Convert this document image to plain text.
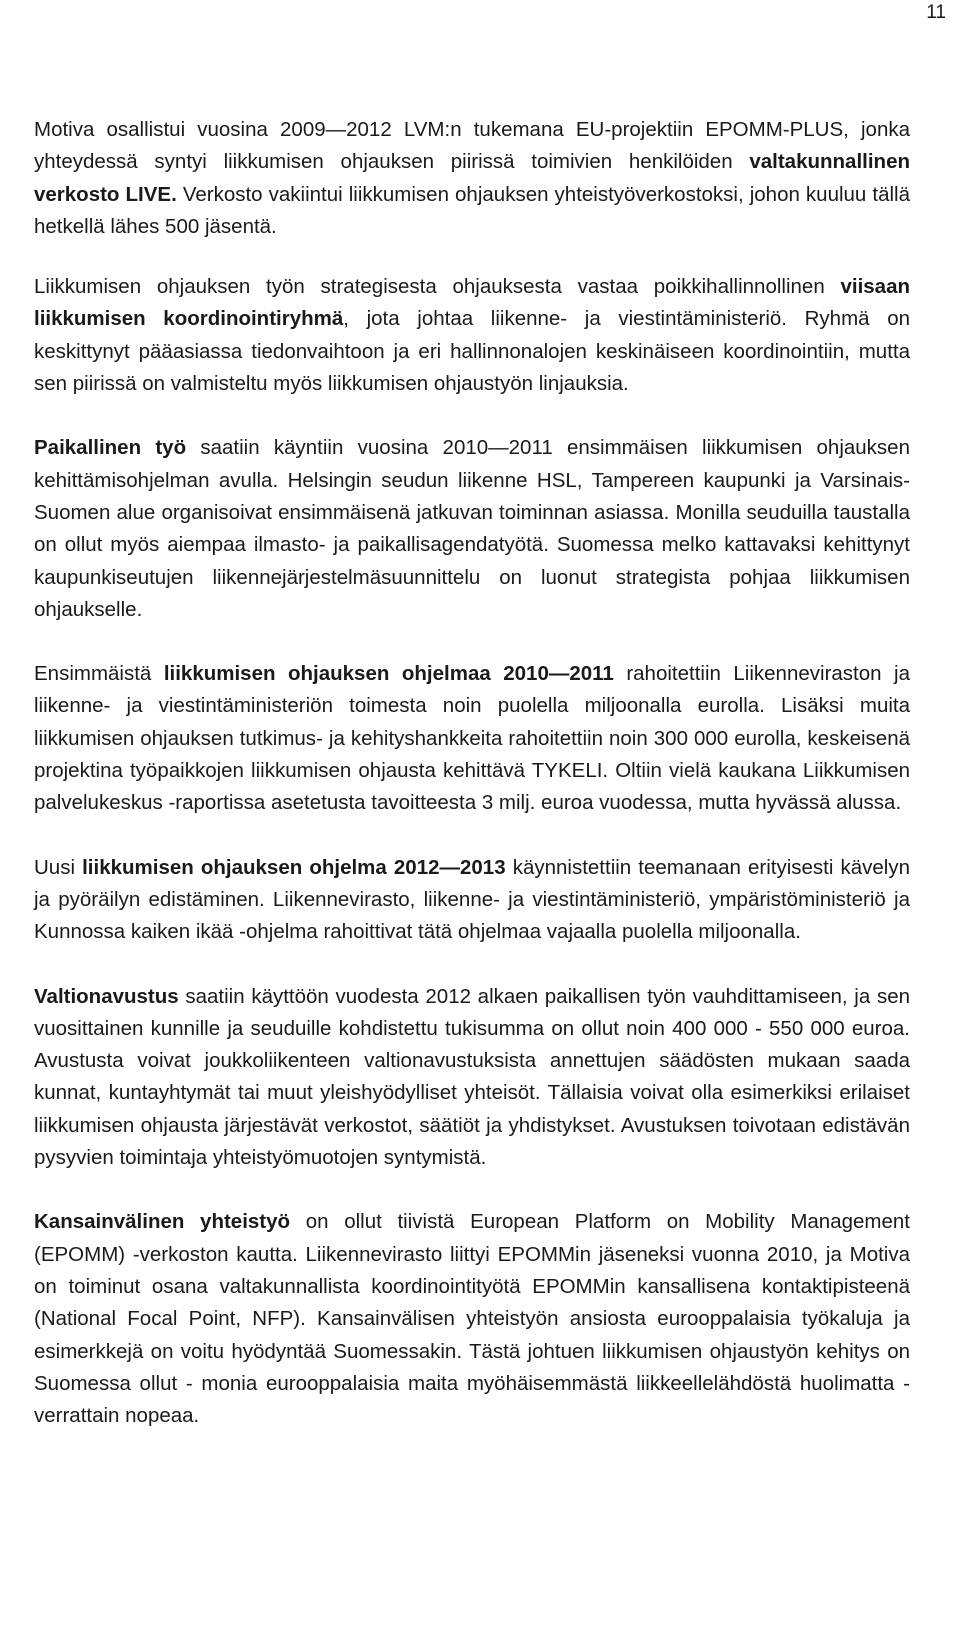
11

Motiva osallistui vuosina 2009—2012 LVM:n tukemana EU-projektiin EPOMM-PLUS, jonka yhteydessä syntyi liikkumisen ohjauksen piirissä toimivien henkilöiden valtakunnallinen verkosto LIVE. Verkosto vakiintui liikkumisen ohjauksen yhteistyöverkostoksi, johon kuuluu tällä hetkellä lähes 500 jäsentä.

Liikkumisen ohjauksen työn strategisesta ohjauksesta vastaa poikkihallinnollinen viisaan liikkumisen koordinointiryhmä, jota johtaa liikenne- ja viestintäministeriö. Ryhmä on keskittynyt pääasiassa tiedonvaihtoon ja eri hallinnonalojen keskinäiseen koordinointiin, mutta sen piirissä on valmisteltu myös liikkumisen ohjaustyön linjauksia.

Paikallinen työ saatiin käyntiin vuosina 2010—2011 ensimmäisen liikkumisen ohjauksen kehittämisohjelman avulla. Helsingin seudun liikenne HSL, Tampereen kaupunki ja Varsinais-Suomen alue organisoivat ensimmäisenä jatkuvan toiminnan asiassa. Monilla seuduilla taustalla on ollut myös aiempaa ilmasto- ja paikallisagendatyötä. Suomessa melko kattavaksi kehittynyt kaupunkiseutujen liikennejärjestelmäsuunnittelu on luonut strategista pohjaa liikkumisen ohjaukselle.

Ensimmäistä liikkumisen ohjauksen ohjelmaa 2010—2011 rahoitettiin Liikenneviraston ja liikenne- ja viestintäministeriön toimesta noin puolella miljoonalla eurolla. Lisäksi muita liikkumisen ohjauksen tutkimus- ja kehityshankkeita rahoitettiin noin 300 000 eurolla, keskeisenä projektina työpaikkojen liikkumisen ohjausta kehittävä TYKELI. Oltiin vielä kaukana Liikkumisen palvelukeskus -raportissa asetetusta tavoitteesta 3 milj. euroa vuodessa, mutta hyvässä alussa.

Uusi liikkumisen ohjauksen ohjelma 2012—2013 käynnistettiin teemanaan erityisesti kävelyn ja pyöräilyn edistäminen. Liikennevirasto, liikenne- ja viestintäministeriö, ympäristöministeriö ja Kunnossa kaiken ikää -ohjelma rahoittivat tätä ohjelmaa vajaalla puolella miljoonalla.

Valtionavustus saatiin käyttöön vuodesta 2012 alkaen paikallisen työn vauhdittamiseen, ja sen vuosittainen kunnille ja seuduille kohdistettu tukisumma on ollut noin 400 000 - 550 000 euroa. Avustusta voivat joukkoliikenteen valtionavustuksista annettujen säädösten mukaan saada kunnat, kuntayhtymät tai muut yleishyödylliset yhteisöt. Tällaisia voivat olla esimerkiksi erilaiset liikkumisen ohjausta järjestävät verkostot, säätiöt ja yhdistykset. Avustuksen toivotaan edistävän pysyvien toimintaja yhteistyömuotojen syntymistä.

Kansainvälinen yhteistyö on ollut tiivistä European Platform on Mobility Management (EPOMM) -verkoston kautta. Liikennevirasto liittyi EPOMMin jäseneksi vuonna 2010, ja Motiva on toiminut osana valtakunnallista koordinointityötä EPOMMin kansallisena kontaktipisteenä (National Focal Point, NFP). Kansainvälisen yhteistyön ansiosta eurooppalaisia työkaluja ja esimerkkejä on voitu hyödyntää Suomessakin. Tästä johtuen liikkumisen ohjaustyön kehitys on Suomessa ollut - monia eurooppalaisia maita myöhäisemmästä liikkeellelähdöstä huolimatta - verrattain nopeaa.
